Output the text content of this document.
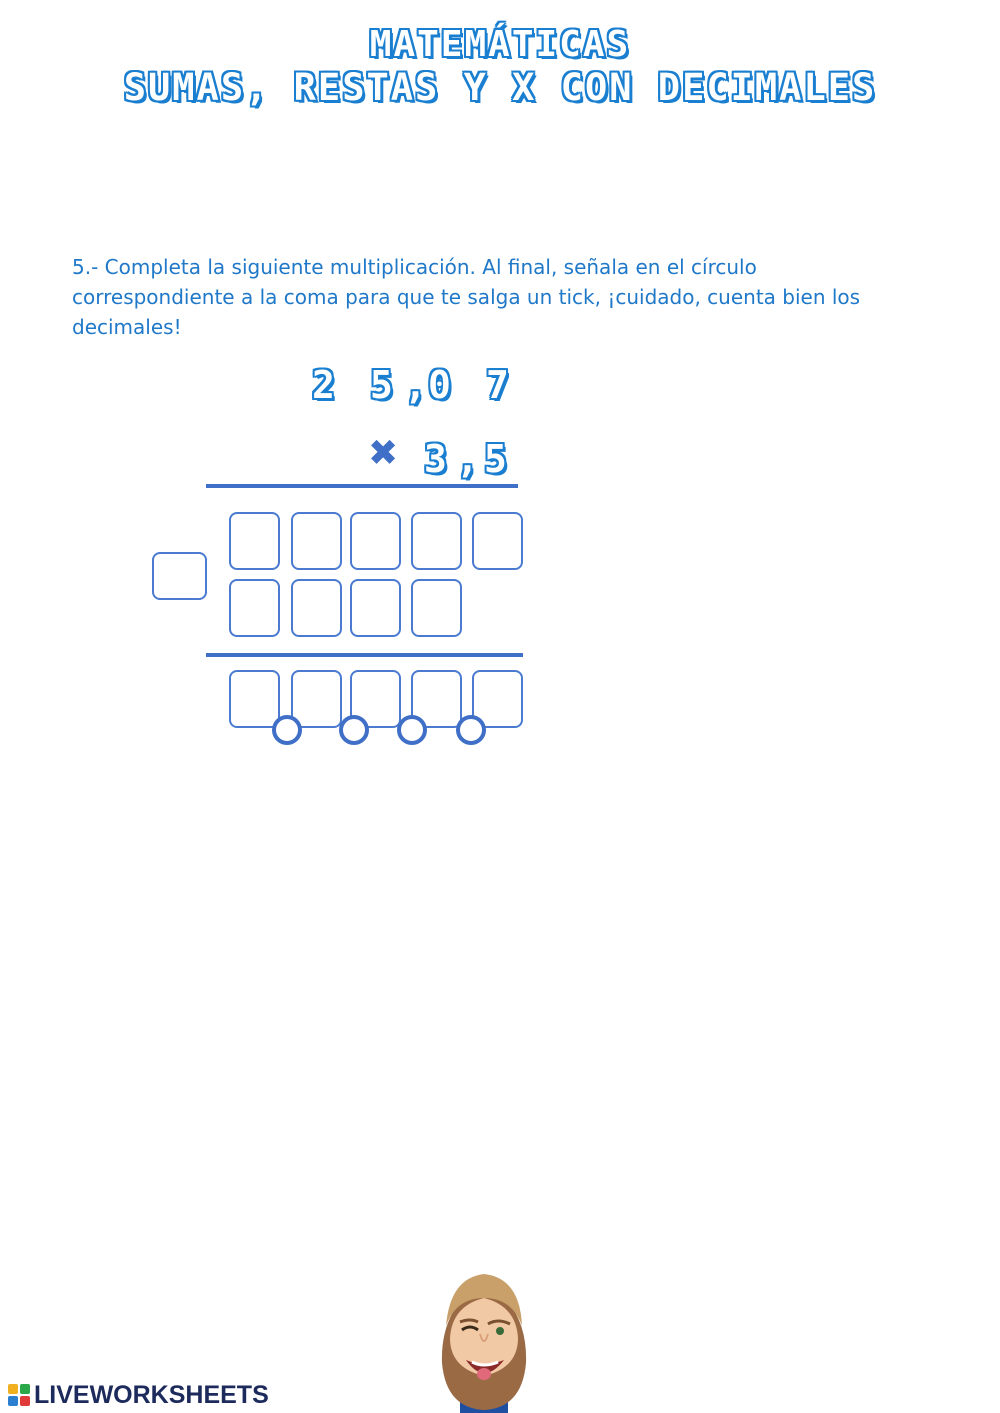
MATEMÁTICAS
SUMAS, RESTAS Y X CON DECIMALES

5.- Completa la siguiente multiplicación. Al final, señala en el círculo correspondiente a la coma para que te salga un tick, ¡cuidado, cuenta bien los decimales!

2 5 , 0 7
✖ 3 , 5
LIVEWORKSHEETS
